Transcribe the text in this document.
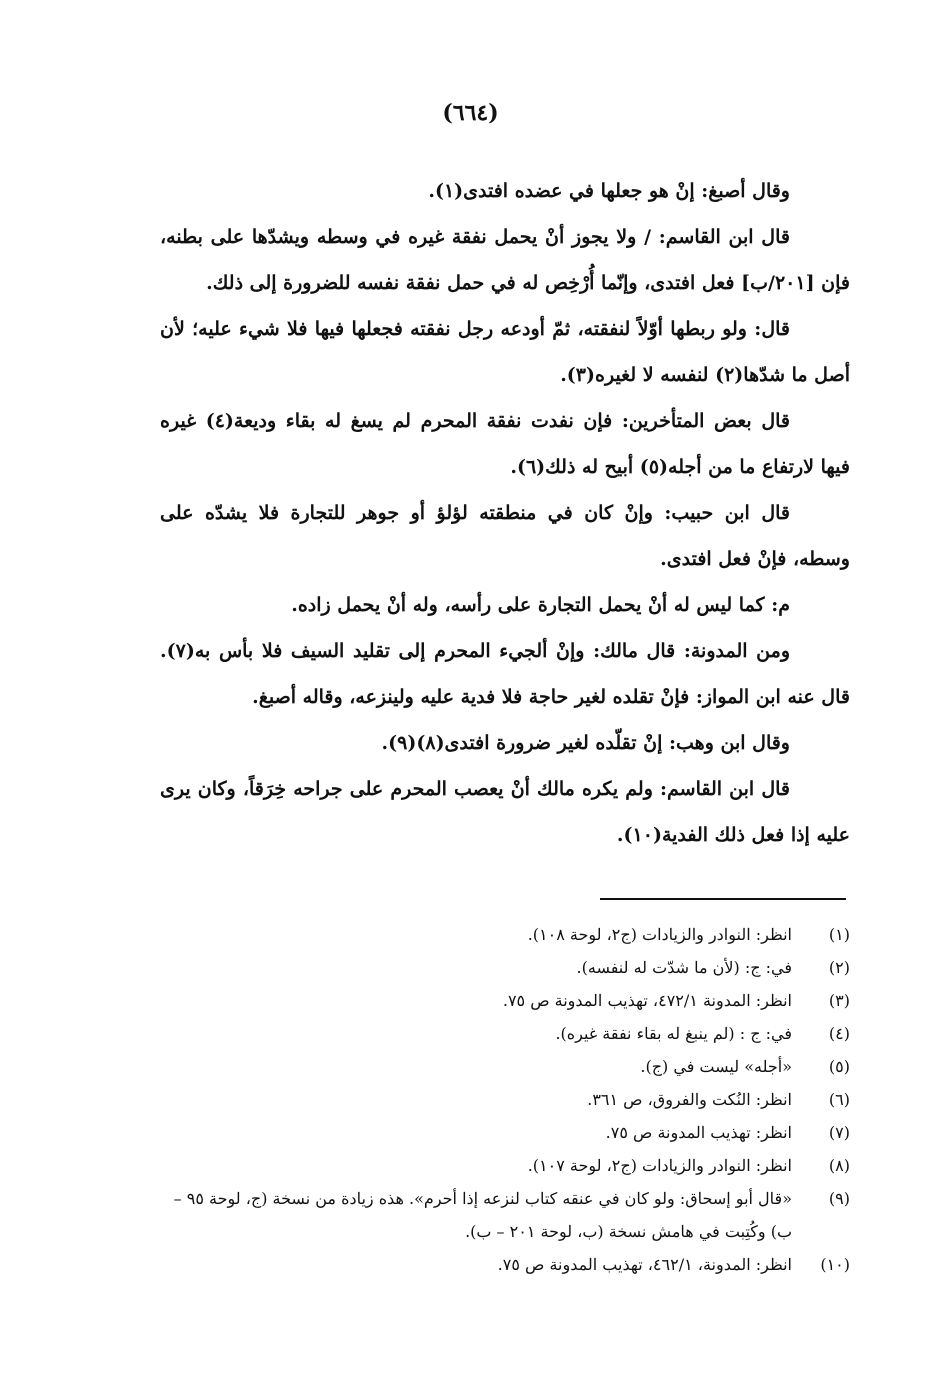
(٦٦٤)

وقال أصبغ: إنْ هو جعلها في عضده افتدى(١).

قال ابن القاسم: / ولا يجوز أنْ يحمل نفقة غيره في وسطه ويشدّها على بطنه، فإن [٢٠١/ب] فعل افتدى، وإنّما أُرْخِص له في حمل نفقة نفسه للضرورة إلى ذلك.

قال: ولو ربطها أوّلاً لنفقته، ثمّ أودعه رجل نفقته فجعلها فيها فلا شيء عليه؛ لأن أصل ما شدّها(٢) لنفسه لا لغيره(٣).

قال بعض المتأخرين: فإن نفدت نفقة المحرم لم يسغ له بقاء وديعة(٤) غيره فيها لارتفاع ما من أجله(٥) أبيح له ذلك(٦).

قال ابن حبيب: وإنْ كان في منطقته لؤلؤ أو جوهر للتجارة فلا يشدّه على وسطه، فإنْ فعل افتدى.

م: كما ليس له أنْ يحمل التجارة على رأسه، وله أنْ يحمل زاده.

ومن المدونة: قال مالك: وإنْ ألجيء المحرم إلى تقليد السيف فلا بأس به(٧). قال عنه ابن المواز: فإنْ تقلده لغير حاجة فلا فدية عليه ولينزعه، وقاله أصبغ.

وقال ابن وهب: إنْ تقلّده لغير ضرورة افتدى(٨)(٩).

قال ابن القاسم: ولم يكره مالك أنْ يعصب المحرم على جراحه خِرَقاً، وكان يرى عليه إذا فعل ذلك الفدية(١٠).

(١)
انظر: النوادر والزيادات (ج٢، لوحة ١٠٨).
(٢)
في: ج: (لأن ما شدّت له لنفسه).
(٣)
انظر: المدونة ٤٧٢/١، تهذيب المدونة ص ٧٥.
(٤)
في: ج : (لم ينبغ له بقاء نفقة غيره).
(٥)
«أجله» ليست في (ج).
(٦)
انظر: النُكت والفروق، ص ٣٦١.
(٧)
انظر: تهذيب المدونة ص ٧٥.
(٨)
انظر: النوادر والزيادات (ج٢، لوحة ١٠٧).
(٩)
«قال أبو إسحاق: ولو كان في عنقه كتاب لنزعه إذا أحرم». هذه زيادة من نسخة (ج، لوحة ٩٥ – ب) وكُتِبت في هامش نسخة (ب، لوحة ٢٠١ – ب).
(١٠)
انظر: المدونة، ٤٦٢/١، تهذيب المدونة ص ٧٥.
